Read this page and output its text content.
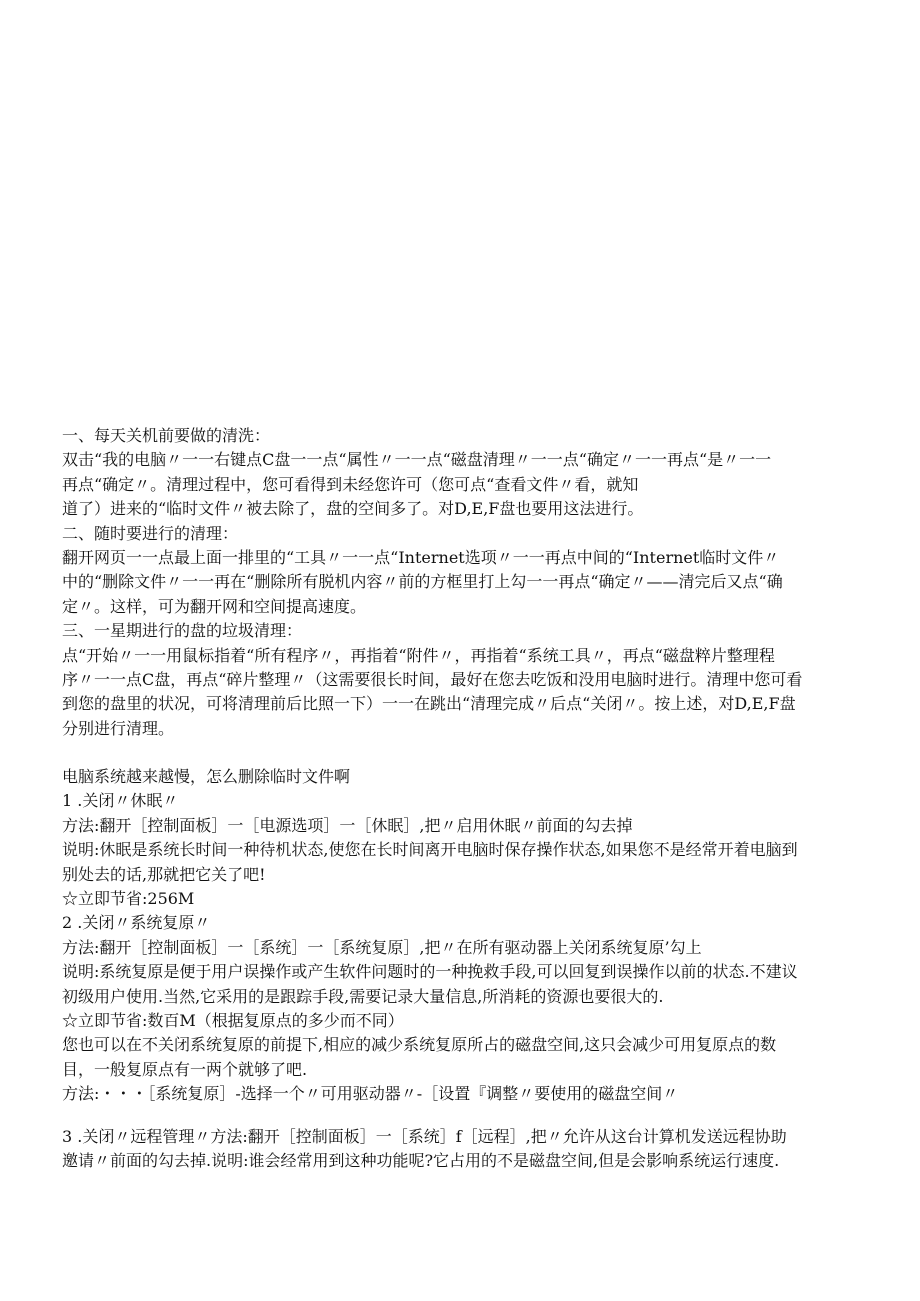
一、每天关机前要做的清洗：
双击“我的电脑〃一一右键点C盘一一点“属性〃一一点“磁盘清理〃一一点“确定〃一一再点“是〃一一
再点“确定〃。清理过程中，您可看得到未经您许可（您可点“查看文件〃看，就知
道了）进来的“临时文件〃被去除了，盘的空间多了。对D,E,F盘也要用这法进行。
二、随时要进行的清理：
翻开网页一一点最上面一排里的“工具〃一一点“Internet选项〃一一再点中间的“Internet临时文件〃
中的“删除文件〃一一再在“删除所有脱机内容〃前的方框里打上勾一一再点“确定〃——清完后又点“确
定〃。这样，可为翻开网和空间提高速度。
三、一星期进行的盘的垃圾清理：
点“开始〃一一用鼠标指着“所有程序〃，再指着“附件〃，再指着“系统工具〃，再点“磁盘粹片整理程
序〃一一点C盘，再点“碎片整理〃（这需要很长时间，最好在您去吃饭和没用电脑时进行。清理中您可看
到您的盘里的状况，可将清理前后比照一下）一一在跳出“清理完成〃后点“关闭〃。按上述，对D,E,F盘
分别进行清理。
电脑系统越来越慢，怎么删除临时文件啊
1 .关闭〃休眠〃
方法:翻开［控制面板］一［电源选项］一［休眠］,把〃启用休眠〃前面的勾去掉
说明:休眠是系统长时间一种待机状态,使您在长时间离开电脑时保存操作状态,如果您不是经常开着电脑到
别处去的话,那就把它关了吧!
☆立即节省:256M
2 .关闭〃系统复原〃
方法:翻开［控制面板］一［系统］一［系统复原］,把〃在所有驱动器上关闭系统复原’勾上
说明:系统复原是便于用户误操作或产生软件问题时的一种挽救手段,可以回复到误操作以前的状态.不建议
初级用户使用.当然,它采用的是跟踪手段,需要记录大量信息,所消耗的资源也要很大的.
☆立即节省:数百M（根据复原点的多少而不同）
您也可以在不关闭系统复原的前提下,相应的减少系统复原所占的磁盘空间,这只会减少可用复原点的数
目，一般复原点有一两个就够了吧.
方法:・・・［系统复原］-选择一个〃可用驱动器〃-［设置『调整〃要使用的磁盘空间〃
3 .关闭〃远程管理〃方法:翻开［控制面板］一［系统］f［远程］,把〃允许从这台计算机发送远程协助
邀请〃前面的勾去掉.说明:谁会经常用到这种功能呢?它占用的不是磁盘空间,但是会影响系统运行速度.
